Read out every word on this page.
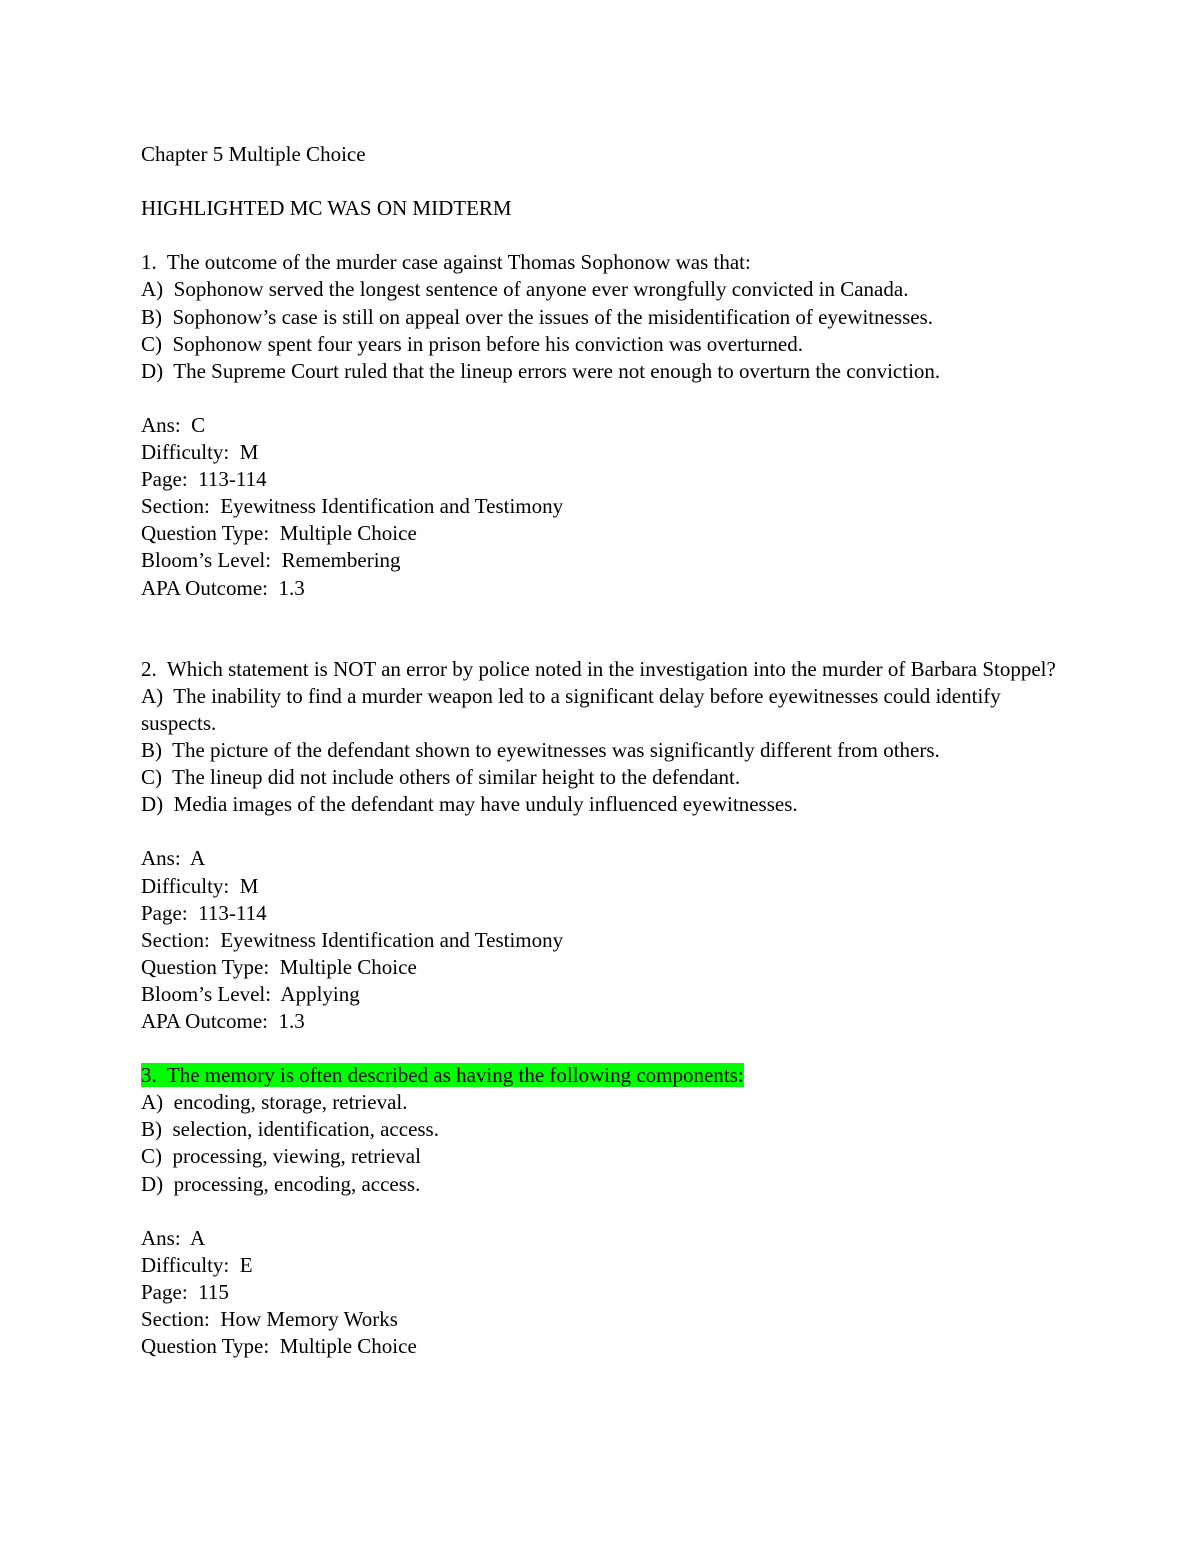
Chapter 5 Multiple Choice
HIGHLIGHTED MC WAS ON MIDTERM
1.  The outcome of the murder case against Thomas Sophonow was that:
A)  Sophonow served the longest sentence of anyone ever wrongfully convicted in Canada.
B)  Sophonow’s case is still on appeal over the issues of the misidentification of eyewitnesses.
C)  Sophonow spent four years in prison before his conviction was overturned.
D)  The Supreme Court ruled that the lineup errors were not enough to overturn the conviction.
Ans:  C
Difficulty:  M
Page:  113-114
Section:  Eyewitness Identification and Testimony
Question Type:  Multiple Choice
Bloom’s Level:  Remembering
APA Outcome:  1.3
2.  Which statement is NOT an error by police noted in the investigation into the murder of Barbara Stoppel?
A)  The inability to find a murder weapon led to a significant delay before eyewitnesses could identify suspects.
B)  The picture of the defendant shown to eyewitnesses was significantly different from others.
C)  The lineup did not include others of similar height to the defendant.
D)  Media images of the defendant may have unduly influenced eyewitnesses.
Ans:  A
Difficulty:  M
Page:  113-114
Section:  Eyewitness Identification and Testimony
Question Type:  Multiple Choice
Bloom’s Level:  Applying
APA Outcome:  1.3
3.  The memory is often described as having the following components:
A)  encoding, storage, retrieval.
B)  selection, identification, access.
C)  processing, viewing, retrieval
D)  processing, encoding, access.
Ans:  A
Difficulty:  E
Page:  115
Section:  How Memory Works
Question Type:  Multiple Choice
